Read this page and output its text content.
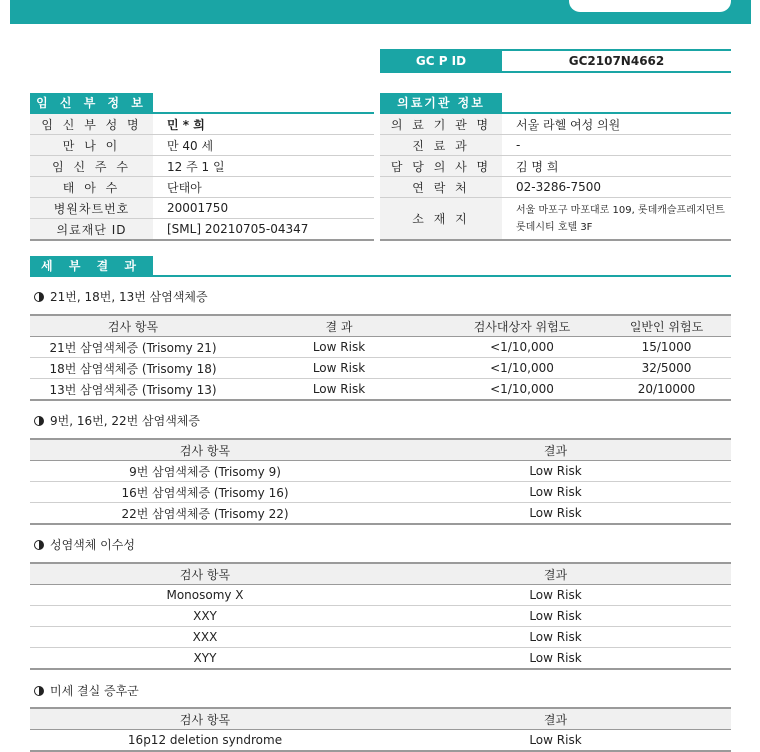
GC P ID	GC2107N4662
임 신 부 정 보
임 신 부 성 명	민 * 희
만 나 이	만 40 세
임 신 주 수	12 주 1 일
태 아 수	단태아
병원차트번호	20001750
의료재단 ID	[SML] 20210705-04347
의료기관 정보
의 료 기 관 명	서울 라헬 여성 의원
진 료 과	-
담 당 의 사 명	김 명 희
연 락 처	02-3286-7500
소 재 지	서울 마포구 마포대로 109, 롯데캐슬프레지던트 롯데시티 호텔 3F
세 부 결 과
21번, 18번, 13번 삼염색체증
검사 항목	결 과	검사대상자 위험도	일반인 위험도
21번 삼염색체증 (Trisomy 21)	Low Risk	<1/10,000	15/1000
18번 삼염색체증 (Trisomy 18)	Low Risk	<1/10,000	32/5000
13번 삼염색체증 (Trisomy 13)	Low Risk	<1/10,000	20/10000
9번, 16번, 22번 삼염색체증
검사 항목	결과
9번 삼염색체증 (Trisomy 9)	Low Risk
16번 삼염색체증 (Trisomy 16)	Low Risk
22번 삼염색체증 (Trisomy 22)	Low Risk
성염색체 이수성
검사 항목	결과
Monosomy X	Low Risk
XXY	Low Risk
XXX	Low Risk
XYY	Low Risk
미세 결실 증후군
검사 항목	결과
16p12 deletion syndrome	Low Risk
